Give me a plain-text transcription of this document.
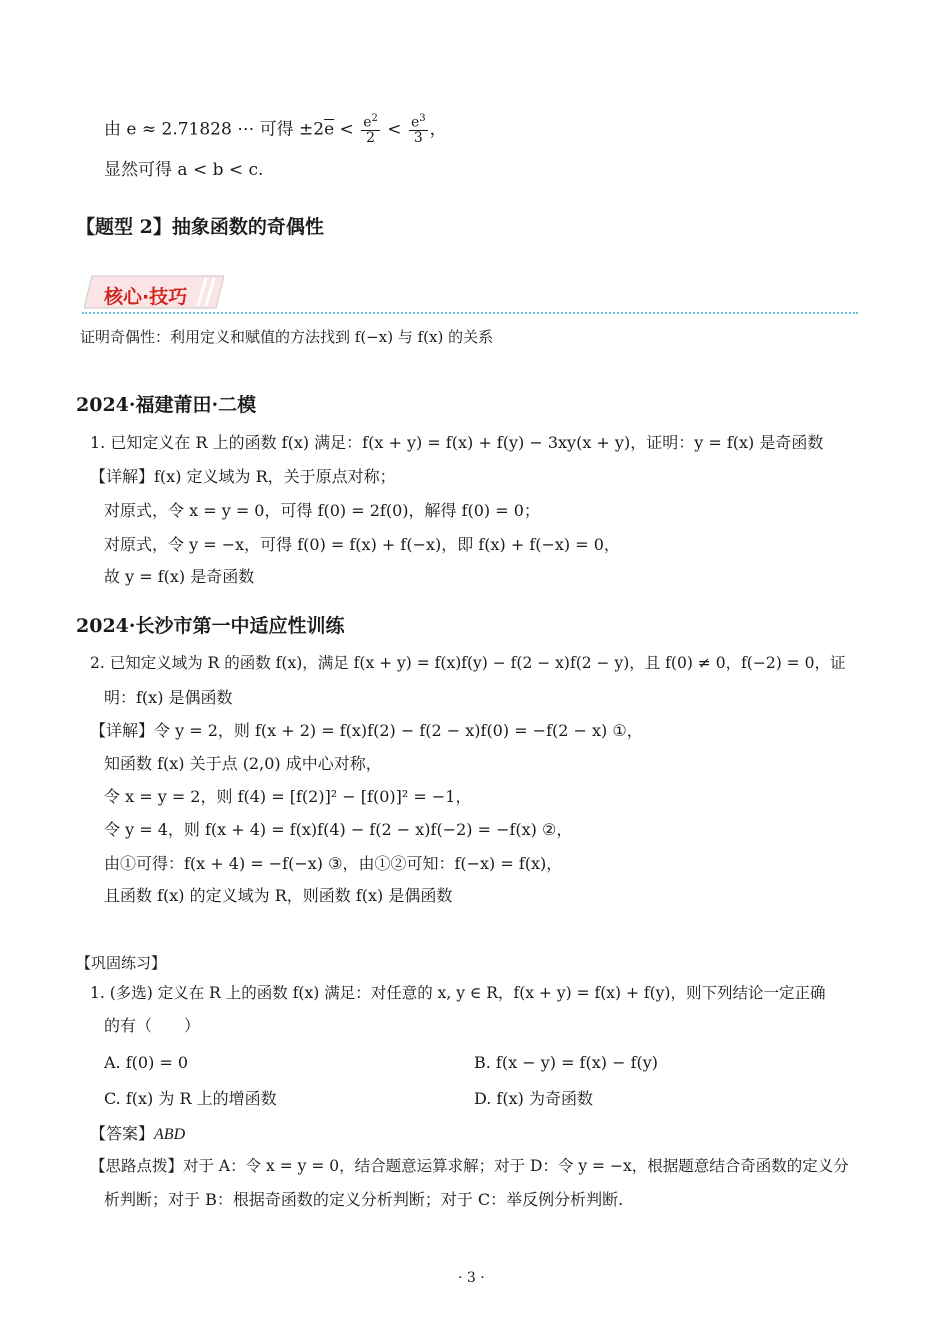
由 e ≈ 2.71828 ⋯ 可得 $\pm 2\overline{e} < \frac{e^2}{2} < \frac{e^3}{3}$ ，
显然可得 a < b < c.
【题型 2】抽象函数的奇偶性
核心·技巧
证明奇偶性：利用定义和赋值的方法找到 f(−x) 与 f(x) 的关系
2024·福建莆田·二模
1. 已知定义在 R 上的函数 f(x) 满足：f(x + y) = f(x) + f(y) − 3xy(x + y)，证明：y = f(x) 是奇函数
【详解】f(x) 定义域为 R，关于原点对称；
对原式，令 x = y = 0，可得 f(0) = 2f(0)，解得 f(0) = 0；
对原式，令 y = −x，可得 f(0) = f(x) + f(−x)，即 f(x) + f(−x) = 0，
故 y = f(x) 是奇函数
2024·长沙市第一中适应性训练
2. 已知定义域为 R 的函数 f(x)，满足 f(x + y) = f(x)f(y) − f(2 − x)f(2 − y)，且 f(0) ≠ 0，f(−2) = 0，证
明：f(x) 是偶函数
【详解】令 y = 2，则 f(x + 2) = f(x)f(2) − f(2 − x)f(0) = −f(2 − x) ①，
知函数 f(x) 关于点 (2,0) 成中心对称，
令 x = y = 2，则 f(4) = [f(2)]² − [f(0)]² = −1，
令 y = 4，则 f(x + 4) = f(x)f(4) − f(2 − x)f(−2) = −f(x) ②，
由①可得：f(x + 4) = −f(−x) ③，由①②可知：f(−x) = f(x)，
且函数 f(x) 的定义域为 R，则函数 f(x) 是偶函数
【巩固练习】
1. (多选) 定义在 R 上的函数 f(x) 满足：对任意的 x, y ∈ R，f(x + y) = f(x) + f(y)，则下列结论一定正确
的有（　　）
A. f(0) = 0	B. f(x − y) = f(x) − f(y)
C. f(x) 为 R 上的增函数	D. f(x) 为奇函数
【答案】ABD
【思路点拨】对于 A：令 x = y = 0，结合题意运算求解；对于 D：令 y = −x，根据题意结合奇函数的定义分
析判断；对于 B：根据奇函数的定义分析判断；对于 C：举反例分析判断.
· 3 ·
